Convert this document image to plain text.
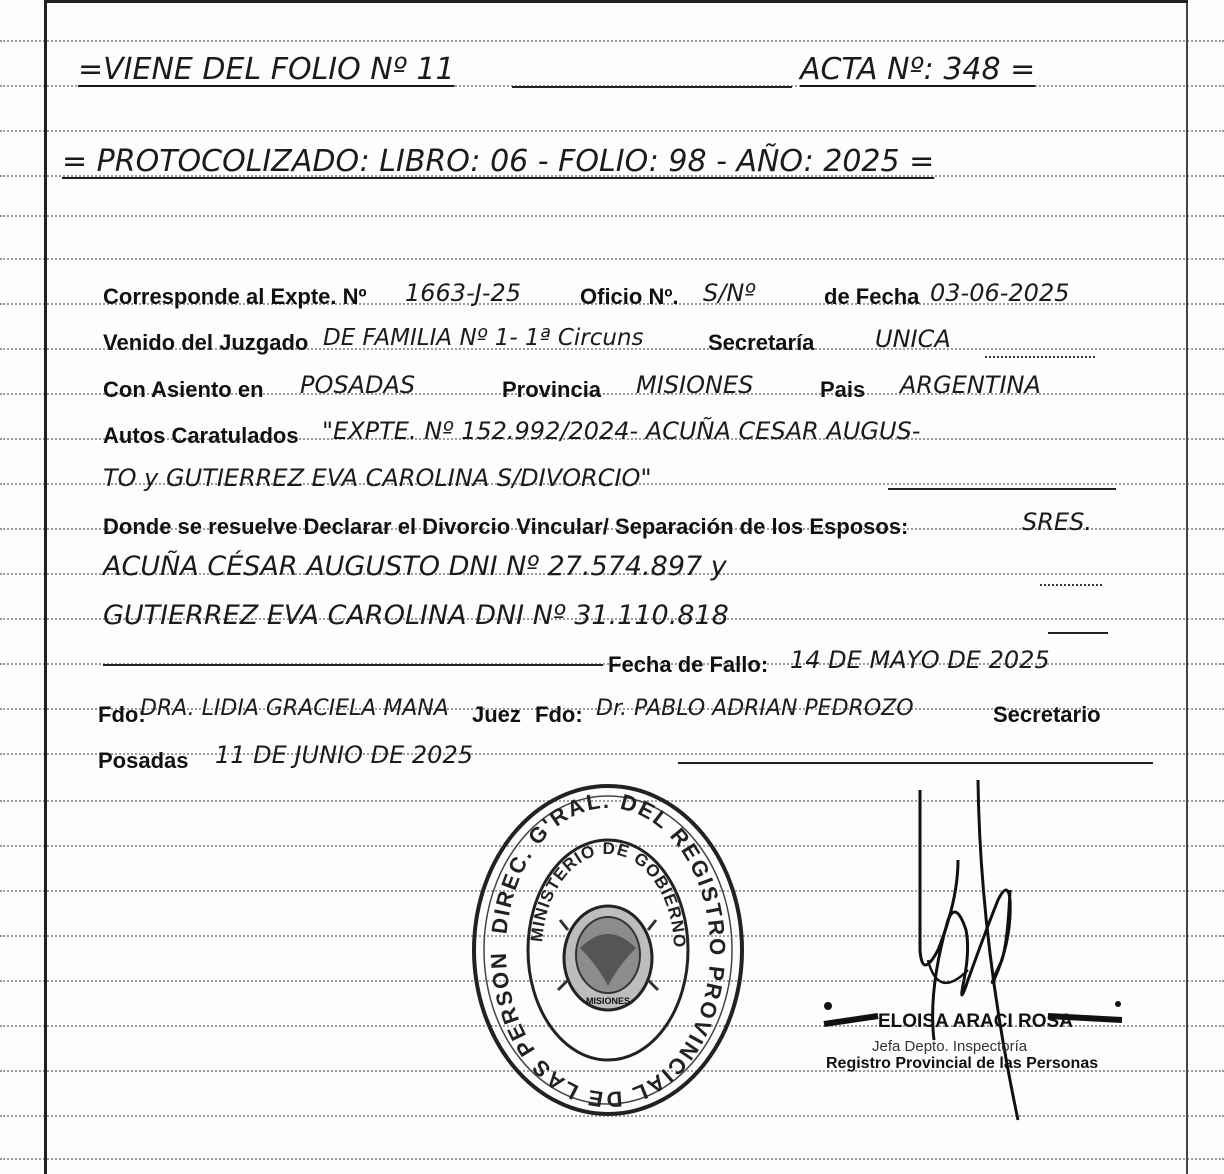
=VIENE DEL FOLIO Nº 11	ACTA Nº: 348 =
= PROTOCOLIZADO: LIBRO: 06 - FOLIO: 98 - AÑO: 2025 =
Corresponde al Expte. Nº 1663-J-25	Oficio Nº. S/Nº	de Fecha 03-06-2025
Venido del Juzgado DE FAMILIA Nº 1- 1ª Circuns	Secretaría	UNICA
Con Asiento en POSADAS	Provincia MISIONES	Pais ARGENTINA
Autos Caratulados "EXPTE. Nº 152.992/2024- ACUÑA CESAR AUGUS-
TO y GUTIERREZ EVA CAROLINA S/DIVORCIO"
Donde se resuelve Declarar el Divorcio Vincular/ Separación de los Esposos:	SRES.
ACUÑA CÉSAR AUGUSTO DNI Nº 27.574.897 y
GUTIERREZ EVA CAROLINA DNI Nº 31.110.818
Fecha de Fallo: 14 DE MAYO DE 2025
Fdo:
DRA. LIDIA GRACIELA MANA Juez Fdo: Dr. PABLO ADRIAN PEDROZO	Secretario
Posadas 11 DE JUNIO DE 2025
DIREC. G'RAL. DEL REGISTRO PROVINCIAL DE LAS PERSONAS
MINISTERIO DE GOBIERNO
MISIONES
ELOISA ARACI ROSA
Jefa Depto. Inspectoría
Registro Provincial de las Personas
